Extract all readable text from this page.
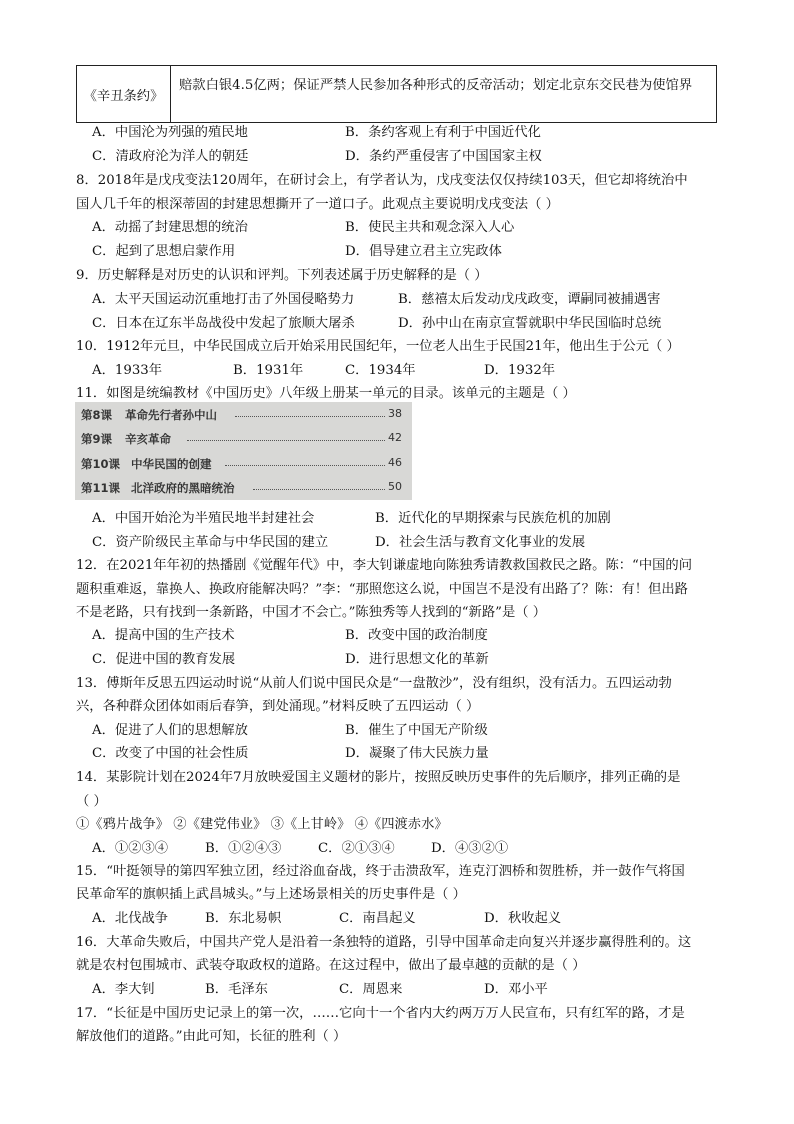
《辛丑条约》
赔款白银4.5亿两；保证严禁人民参加各种形式的反帝活动；划定北京东交民巷为使馆界
A．中国沦为列强的殖民地	B．条约客观上有利于中国近代化
C．清政府沦为洋人的朝廷	D．条约严重侵害了中国国家主权
8．2018年是戊戌变法120周年，在研讨会上，有学者认为，戊戌变法仅仅持续103天，但它却将统治中
国人几千年的根深蒂固的封建思想撕开了一道口子。此观点主要说明戊戌变法（ ）
A．动摇了封建思想的统治	B．使民主共和观念深入人心
C．起到了思想启蒙作用	D．倡导建立君主立宪政体
9．历史解释是对历史的认识和评判。下列表述属于历史解释的是（ ）
A．太平天国运动沉重地打击了外国侵略势力	B．慈禧太后发动戊戌政变，谭嗣同被捕遇害
C．日本在辽东半岛战役中发起了旅顺大屠杀	D．孙中山在南京宣誓就职中华民国临时总统
10．1912年元旦，中华民国成立后开始采用民国纪年，一位老人出生于民国21年，他出生于公元（ ）
A．1933年	B．1931年	C．1934年	D．1932年
11．如图是统编教材《中国历史》八年级上册某一单元的目录。该单元的主题是（ ）
第8课 革命先行者孙中山	38
第9课 辛亥革命	42
第10课 中华民国的创建	46
第11课 北洋政府的黑暗统治	50
A．中国开始沦为半殖民地半封建社会	B．近代化的早期探索与民族危机的加剧
C．资产阶级民主革命与中华民国的建立	D．社会生活与教育文化事业的发展
12．在2021年年初的热播剧《觉醒年代》中，李大钊谦虚地向陈独秀请教救国救民之路。陈：“中国的问
题积重难返，靠换人、换政府能解决吗？”李：“那照您这么说，中国岂不是没有出路了？陈：有！但出路
不是老路，只有找到一条新路，中国才不会亡。”陈独秀等人找到的“新路”是（ ）
A．提高中国的生产技术	B．改变中国的政治制度
C．促进中国的教育发展	D．进行思想文化的革新
13．傅斯年反思五四运动时说“从前人们说中国民众是“一盘散沙”，没有组织，没有活力。五四运动勃
兴，各种群众团体如雨后春笋，到处涌现。”材料反映了五四运动（ ）
A．促进了人们的思想解放	B．催生了中国无产阶级
C．改变了中国的社会性质	D．凝聚了伟大民族力量
14．某影院计划在2024年7月放映爱国主义题材的影片，按照反映历史事件的先后顺序，排列正确的是
（ ）
①《鸦片战争》 ②《建党伟业》 ③《上甘岭》 ④《四渡赤水》
A．①②③④	B．①②④③	C．②①③④	D．④③②①
15．“叶挺领导的第四军独立团，经过浴血奋战，终于击溃敌军，连克汀泗桥和贺胜桥，并一鼓作气将国
民革命军的旗帜插上武昌城头。”与上述场景相关的历史事件是（ ）
A．北伐战争	B．东北易帜	C．南昌起义	D．秋收起义
16．大革命失败后，中国共产党人是沿着一条独特的道路，引导中国革命走向复兴并逐步赢得胜利的。这
就是农村包围城市、武装夺取政权的道路。在这过程中，做出了最卓越的贡献的是（ ）
A．李大钊	B．毛泽东	C．周恩来	D．邓小平
17．“长征是中国历史记录上的第一次，……它向十一个省内大约两万万人民宣布，只有红军的路，才是
解放他们的道路。”由此可知，长征的胜利（ ）
